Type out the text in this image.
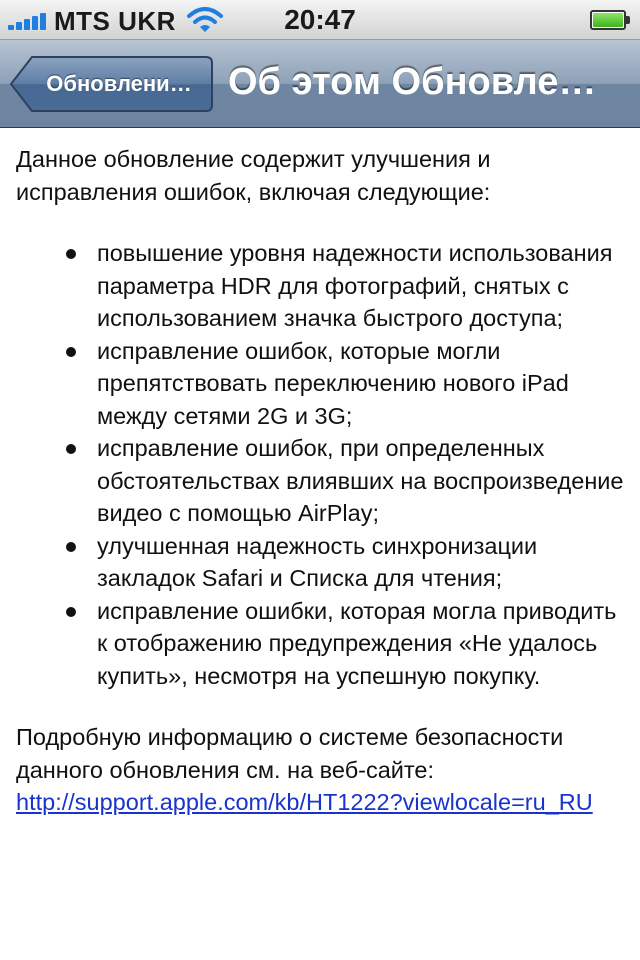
MTS UKR	20:47
Обновлени… Об этом Обновле…

Данное обновление содержит улучшения и исправления ошибок, включая следующие:

повышение уровня надежности использования параметра HDR для фотографий, снятых с использованием значка быстрого доступа;
исправление ошибок, которые могли препятствовать переключению нового iPad между сетями 2G и 3G;
исправление ошибок, при определенных обстоятельствах влиявших на воспроизведение видео с помощью AirPlay;
улучшенная надежность синхронизации закладок Safari и Списка для чтения;
исправление ошибки, которая могла приводить к отображению предупреждения «Не удалось купить», несмотря на успешную покупку.

Подробную информацию о системе безопасности данного обновления см. на веб-сайте:
http://support.apple.com/kb/HT1222?viewlocale=ru_RU
